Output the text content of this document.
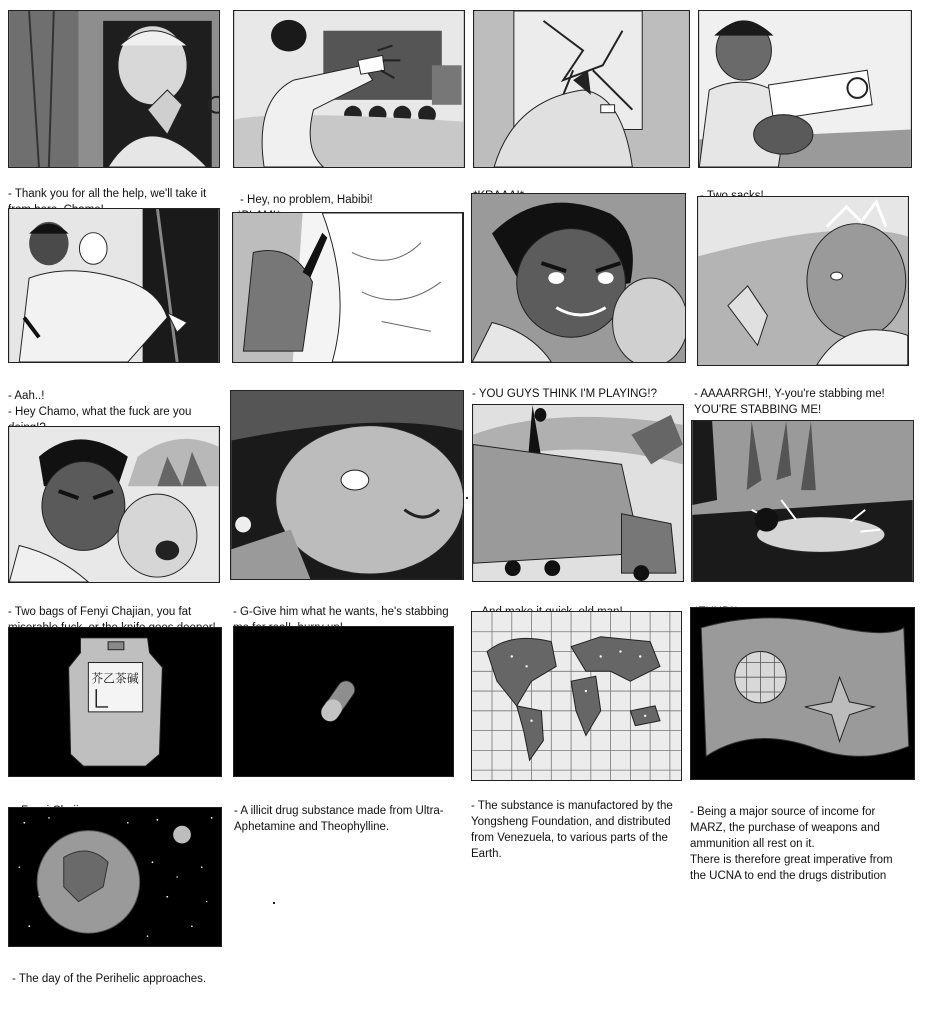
- Thank you for all the help, we'll take it	- Hey, no problem, Habibi!

- Aah..!
- Hey Chamo, what the fuck are you

- YOU GUYS THINK I'M PLAYING!?	- AAAARRGH!, Y-you're stabbing me!
YOU'RE STABBING ME!

- Two bags of Fenyi Chajian, you fat	- G-Give him what he wants, he's stabbing

芥乙茶碱

- A illicit drug substance made from Ultra-
Aphetamine and Theophylline.

- The substance is manufactored by the
Yongsheng Foundation, and distributed
from Venezuela, to various parts of the
Earth.

- Being a major source of income for
MARZ, the purchase of weapons and
ammunition all rest on it.
There is therefore great imperative from
the UCNA to end the drugs distribution

- The day of the Perihelic approaches.
